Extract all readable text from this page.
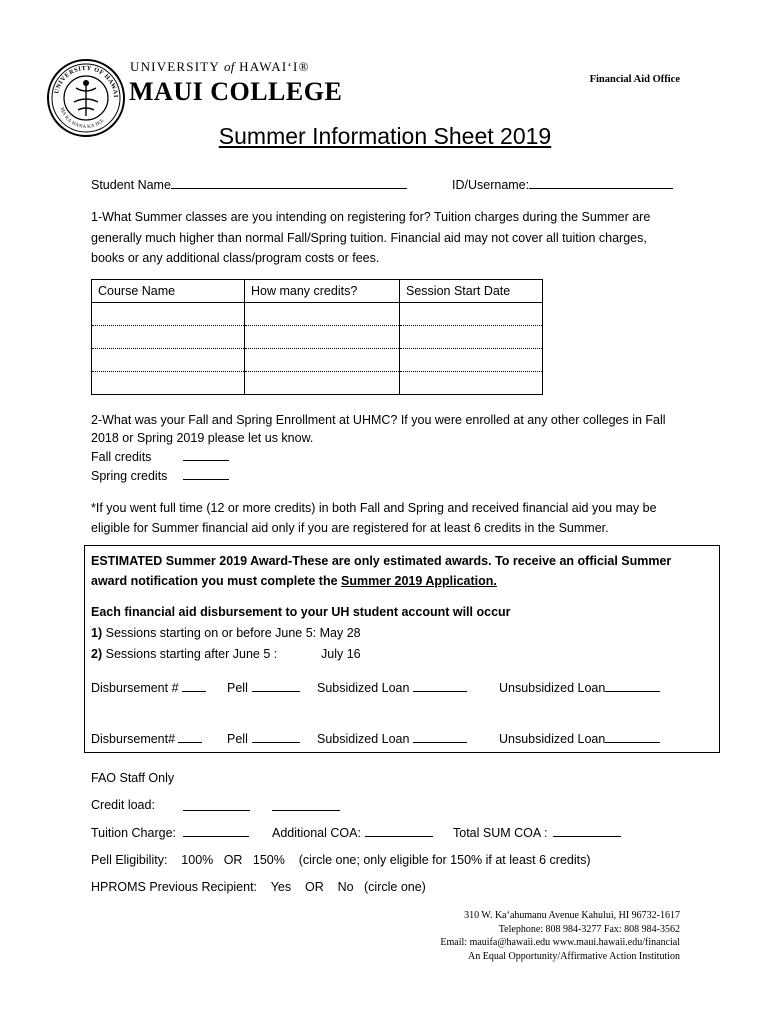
UNIVERSITY OF HAWAI
MA KA HANA KA IKE
UNIVERSITY of HAWAI‘I®
MAUI COLLEGE	Financial Aid Office
Summer Information Sheet 2019
Student Name	ID/Username:
1-What Summer classes are you intending on registering for? Tuition charges during the Summer are
generally much higher than normal Fall/Spring tuition. Financial aid may not cover all tuition charges,
books or any additional class/program costs or fees.
Course Name	How many credits?	Session Start Date

2-What was your Fall and Spring Enrollment at UHMC? If you were enrolled at any other colleges in Fall
2018 or Spring 2019 please let us know.
Fall credits
Spring credits
*If you went full time (12 or more credits) in both Fall and Spring and received financial aid you may be
eligible for Summer financial aid only if you are registered for at least 6 credits in the Summer.
ESTIMATED Summer 2019 Award-These are only estimated awards. To receive an official Summer
award notification you must complete the Summer 2019 Application.
Each financial aid disbursement to your UH student account will occur
1) Sessions starting on or before June 5: May 28
2) Sessions starting after June 5 :	July 16
Disbursement #	Pell	Subsidized Loan	Unsubsidized Loan
Disbursement#	Pell	Subsidized Loan	Unsubsidized Loan
FAO Staff Only
Credit load:
Tuition Charge:	Additional COA:	Total SUM COA :
Pell Eligibility:    100%   OR   150%    (circle one; only eligible for 150% if at least 6 credits)
HPROMS Previous Recipient:    Yes    OR    No   (circle one)
310 W. Ka‘ahumanu Avenue Kahului, HI 96732-1617
Telephone: 808 984-3277 Fax: 808 984-3562
Email: mauifa@hawaii.edu www.maui.hawaii.edu/financial
An Equal Opportunity/Affirmative Action Institution
